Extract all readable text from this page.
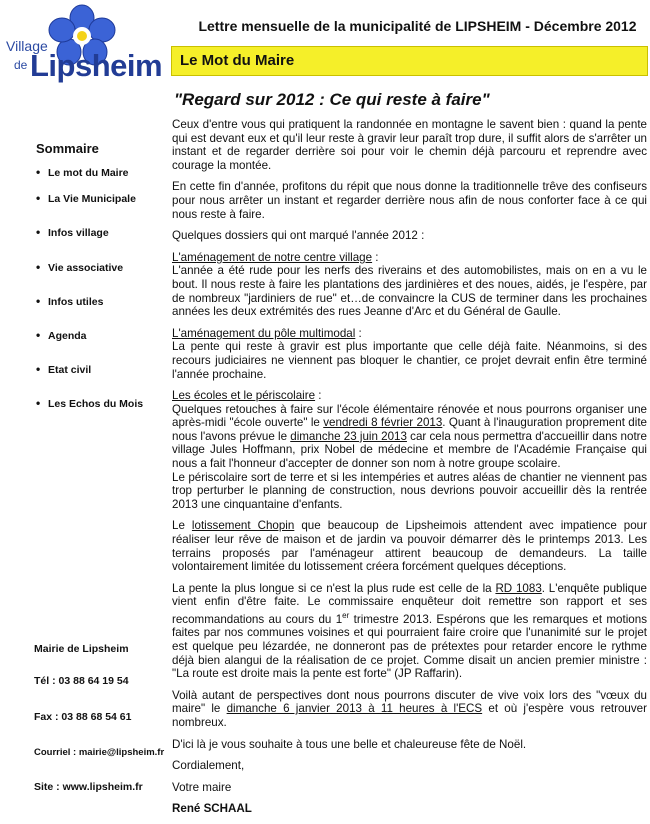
Village
de Lipsheim
Lettre mensuelle de la municipalité de LIPSHEIM - Décembre 2012
Le Mot du Maire
"Regard sur 2012 : Ce qui reste à faire"
Sommaire
• Le mot du Maire
• La Vie Municipale
• Infos village
• Vie associative
• Infos utiles
• Agenda
• Etat civil
• Les Echos du Mois
Mairie de Lipsheim
Tél : 03 88 64 19 54
Fax : 03 88 68 54 61
Courriel : mairie@lipsheim.fr
Site : www.lipsheim.fr

Ceux d'entre vous qui pratiquent la randonnée en montagne le savent bien : quand la pente qui est devant eux et qu'il leur reste à gravir leur paraît trop dure, il suffit alors de s'arrêter un instant et de regarder derrière soi pour voir le chemin déjà parcouru et reprendre avec courage la montée.

En cette fin d'année, profitons du répit que nous donne la traditionnelle trêve des confiseurs pour nous arrêter un instant et regarder derrière nous afin de nous conforter face à ce qui nous reste à faire.

Quelques dossiers qui ont marqué l'année 2012 :

L'aménagement de notre centre village :
L'année a été rude pour les nerfs des riverains et des automobilistes, mais on en a vu le bout. Il nous reste à faire les plantations des jardinières et des noues, aidés, je l'espère, par de nombreux "jardiniers de rue" et…de convaincre la CUS de terminer dans les prochaines années les deux extrémités des rues Jeanne d'Arc et du Général de Gaulle.

L'aménagement du pôle multimodal :
La pente qui reste à gravir est plus importante que celle déjà faite. Néanmoins, si des recours judiciaires ne viennent pas bloquer le chantier, ce projet devrait enfin être terminé l'année prochaine.

Les écoles et le périscolaire :
Quelques retouches à faire sur l'école élémentaire rénovée et nous pourrons organiser une après-midi "école ouverte" le vendredi 8 février 2013. Quant à l'inauguration proprement dite nous l'avons prévue le dimanche 23 juin 2013 car cela nous permettra d'accueillir dans notre village Jules Hoffmann, prix Nobel de médecine et membre de l'Académie Française qui nous a fait l'honneur d'accepter de donner son nom à notre groupe scolaire.

Le périscolaire sort de terre et si les intempéries et autres aléas de chantier ne viennent pas trop perturber le planning de construction, nous devrions pouvoir accueillir dès la rentrée 2013 une cinquantaine d'enfants.

Le lotissement Chopin que beaucoup de Lipsheimois attendent avec impatience pour réaliser leur rêve de maison et de jardin va pouvoir démarrer dès le printemps 2013. Les terrains proposés par l'aménageur attirent beaucoup de demandeurs. La taille volontairement limitée du lotissement créera forcément quelques déceptions.

La pente la plus longue si ce n'est la plus rude est celle de la RD 1083. L'enquête publique vient enfin d'être faite. Le commissaire enquêteur doit remettre son rapport et ses recommandations au cours du 1er trimestre 2013. Espérons que les remarques et motions faites par nos communes voisines et qui pourraient faire croire que l'unanimité sur le projet est quelque peu lézardée, ne donneront pas de prétextes pour retarder encore le rythme déjà bien alangui de la réalisation de ce projet. Comme disait un ancien premier ministre : "La route est droite mais la pente est forte" (JP Raffarin).

Voilà autant de perspectives dont nous pourrons discuter de vive voix lors des "vœux du maire" le dimanche 6 janvier 2013 à 11 heures à l'ECS et où j'espère vous retrouver nombreux.

D'ici là je vous souhaite à tous une belle et chaleureuse fête de Noël.

Cordialement,

Votre maire

René SCHAAL
